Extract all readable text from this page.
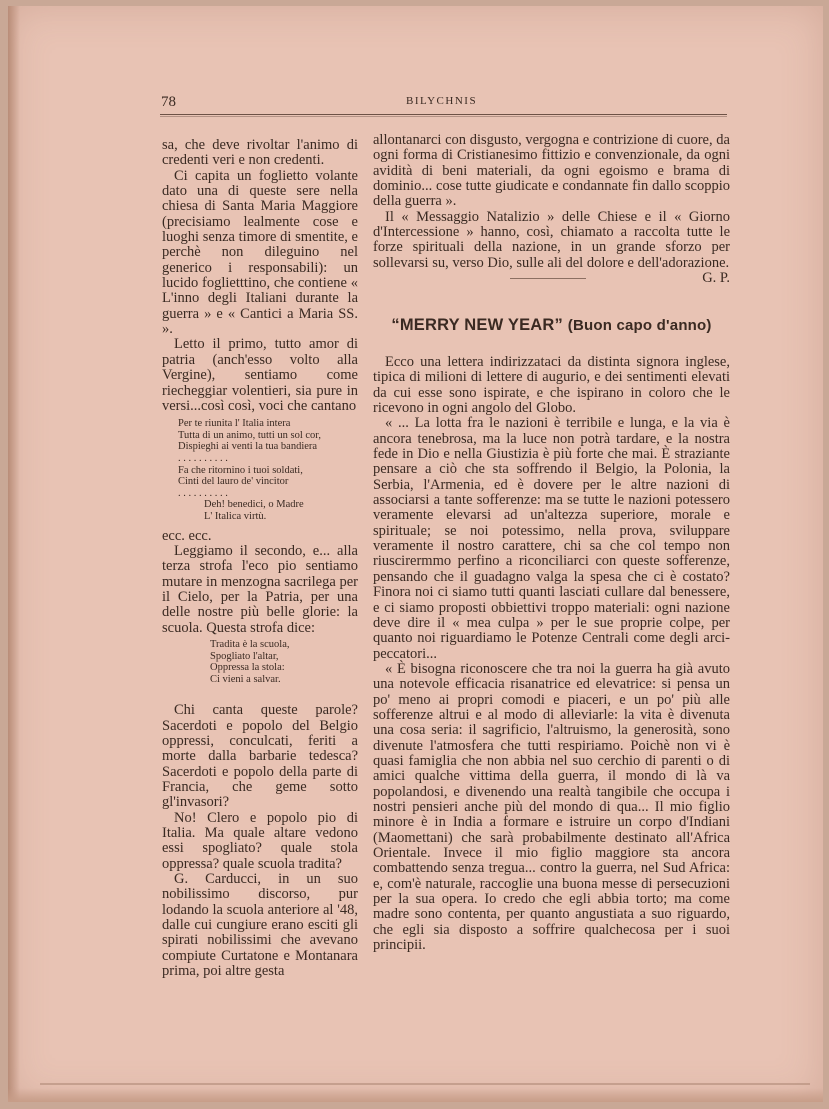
78	BILYCHNIS

sa, che deve rivoltar l'animo di credenti veri e non credenti.

Ci capita un foglietto volante dato una di queste sere nella chiesa di Santa Maria Maggiore (precisiamo lealmente cose e luoghi senza timore di smentite, e perchè non dileguino nel generico i responsabili): un lucido foglietttino, che contiene « L'inno degli Italiani durante la guerra » e « Cantici a Maria SS. ».

Letto il primo, tutto amor di patria (anch'esso volto alla Vergine), sentiamo come riecheggiar volentieri, sia pure in versi...così così, voci che cantano

Per te riunita l' Italia intera
Tutta di un animo, tutti un sol cor,
Dispieghi ai venti la tua bandiera
. . . . . . . . . .
Fa che ritornino i tuoi soldati,
Cinti del lauro de' vincitor
. . . . . . . . . .
Deh! benedici, o Madre
L' Italica virtù.

ecc. ecc.

Leggiamo il secondo, e... alla terza strofa l'eco pio sentiamo mutare in menzogna sacrilega per il Cielo, per la Patria, per una delle nostre più belle glorie: la scuola. Questa strofa dice:

Tradita è la scuola,
Spogliato l'altar,
Oppressa la stola:
Ci vieni a salvar.

Chi canta queste parole? Sacerdoti e popolo del Belgio oppressi, conculcati, feriti a morte dalla barbarie tedesca? Sacerdoti e popolo della parte di Francia, che geme sotto gl'invasori?

No! Clero e popolo pio di Italia. Ma quale altare vedono essi spogliato? quale stola oppressa? quale scuola tradita?

G. Carducci, in un suo nobilissimo discorso, pur lodando la scuola anteriore al '48, dalle cui cungiure erano esciti gli spirati nobilissimi che avevano compiute Curtatone e Montanara prima, poi altre gesta

allontanarci con disgusto, vergogna e contrizione di cuore, da ogni forma di Cristianesimo fittizio e convenzionale, da ogni avidità di beni materiali, da ogni egoismo e brama di dominio... cose tutte giudicate e condannate fin dallo scoppio della guerra ».

Il « Messaggio Natalizio » delle Chiese e il « Giorno d'Intercessione » hanno, così, chiamato a raccolta tutte le forze spirituali della nazione, in un grande sforzo per sollevarsi su, verso Dio, sulle ali del dolore e dell'adorazione.

G. P.

“MERRY NEW YEAR” (Buon capo d'anno)

Ecco una lettera indirizzataci da distinta signora inglese, tipica di milioni di lettere di augurio, e dei sentimenti elevati da cui esse sono ispirate, e che ispirano in coloro che le ricevono in ogni angolo del Globo.

« ... La lotta fra le nazioni è terribile e lunga, e la via è ancora tenebrosa, ma la luce non potrà tardare, e la nostra fede in Dio e nella Giustizia è più forte che mai. È straziante pensare a ciò che sta soffrendo il Belgio, la Polonia, la Serbia, l'Armenia, ed è dovere per le altre nazioni di associarsi a tante sofferenze: ma se tutte le nazioni potessero veramente elevarsi ad un'altezza superiore, morale e spirituale; se noi potessimo, nella prova, sviluppare veramente il nostro carattere, chi sa che col tempo non riuscirermmo perfino a riconciliarci con queste sofferenze, pensando che il guadagno valga la spesa che ci è costato? Finora noi ci siamo tutti quanti lasciati cullare dal benessere, e ci siamo proposti obbiettivi troppo materiali: ogni nazione deve dire il « mea culpa » per le sue proprie colpe, per quanto noi riguardiamo le Potenze Centrali come degli arci-peccatori...

« È bisogna riconoscere che tra noi la guerra ha già avuto una notevole efficacia risanatrice ed elevatrice: si pensa un po' meno ai propri comodi e piaceri, e un po' più alle sofferenze altrui e al modo di alleviarle: la vita è divenuta una cosa seria: il sagrificio, l'altruismo, la generosità, sono divenute l'atmosfera che tutti respiriamo. Poichè non vi è quasi famiglia che non abbia nel suo cerchio di parenti o di amici qualche vittima della guerra, il mondo di là va popolandosi, e divenendo una realtà tangibile che occupa i nostri pensieri anche più del mondo di qua... Il mio figlio minore è in India a formare e istruire un corpo d'Indiani (Maomettani) che sarà probabilmente destinato all'Africa Orientale. Invece il mio figlio maggiore sta ancora combattendo senza tregua... contro la guerra, nel Sud Africa: e, com'è naturale, raccoglie una buona messe di persecuzioni per la sua opera. Io credo che egli abbia torto; ma come madre sono contenta, per quanto angustiata a suo riguardo, che egli sia disposto a soffrire qualchecosa per i suoi principii.
